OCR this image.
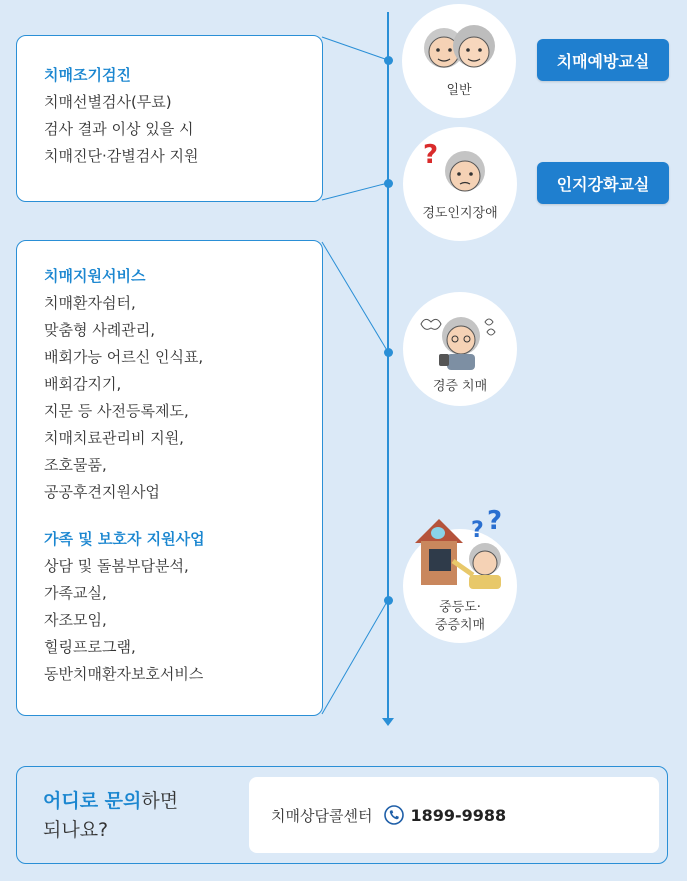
치매조기검진
치매선별검사(무료)
검사 결과 이상 있을 시
치매진단·감별검사 지원
치매지원서비스
치매환자쉼터,
맞춤형 사례관리,
배회가능 어르신 인식표,
배회감지기,
지문 등 사전등록제도,
치매치료관리비 지원,
조호물품,
공공후견지원사업
가족 및 보호자 지원사업
상담 및 돌봄부담분석,
가족교실,
자조모임,
힐링프로그램,
동반치매환자보호서비스
일반
?
경도인지장애
경증 치매
? ?
중등도·
중증치매
치매예방교실
인지강화교실
어디로 문의하면
되나요?
치매상담콜센터 1899-9988
